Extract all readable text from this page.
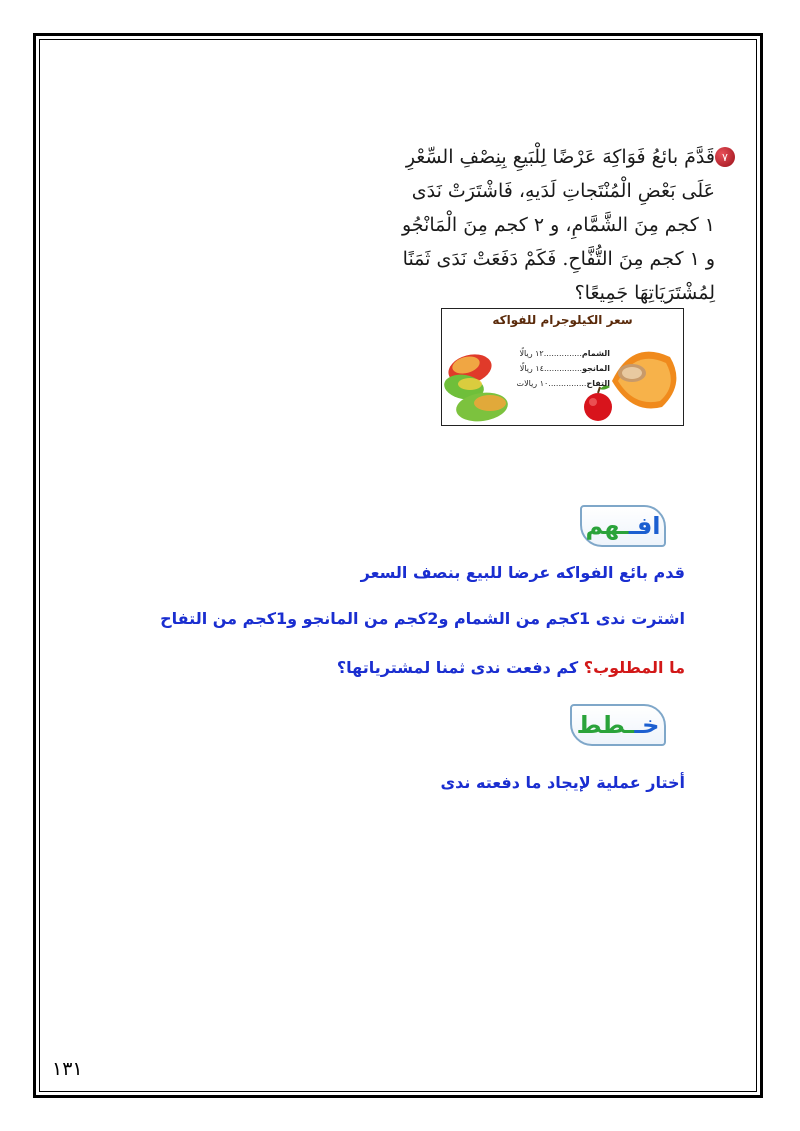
٧

قَدَّمَ بائعُ فَوَاكِهَ عَرْضًا لِلْبَيعِ بِنِصْفِ السِّعْرِ

عَلَى بَعْضِ الْمُنْتَجاتِ لَدَيهِ، فَاشْتَرَتْ نَدَى

١ كجم مِنَ الشَّمَّامِ، و ٢ كجم مِنَ الْمَانْجُو

و ١ كجم مِنَ التُّفَّاحِ. فَكَمْ دَفَعَتْ نَدَى ثَمَنًا

لِمُشْتَرَيَاتِهَا جَمِيعًا؟

سعر الكيلوجرام للفواكه
الشمام...............١٢ ريالًا
المانجو...............١٤ ريالًا
التفاح...............١٠ ريالات
افـ
ـهم

قدم بائع الفواكه عرضا للبيع بنصف السعر

اشترت ندى 1كجم من الشمام و2كجم من المانجو و1كجم من التفاح

ما المطلوب؟ كم دفعت ندى ثمنا لمشترياتها؟

خـ
ـطط

أختار عملية لإيجاد ما دفعته ندى

١٣١
